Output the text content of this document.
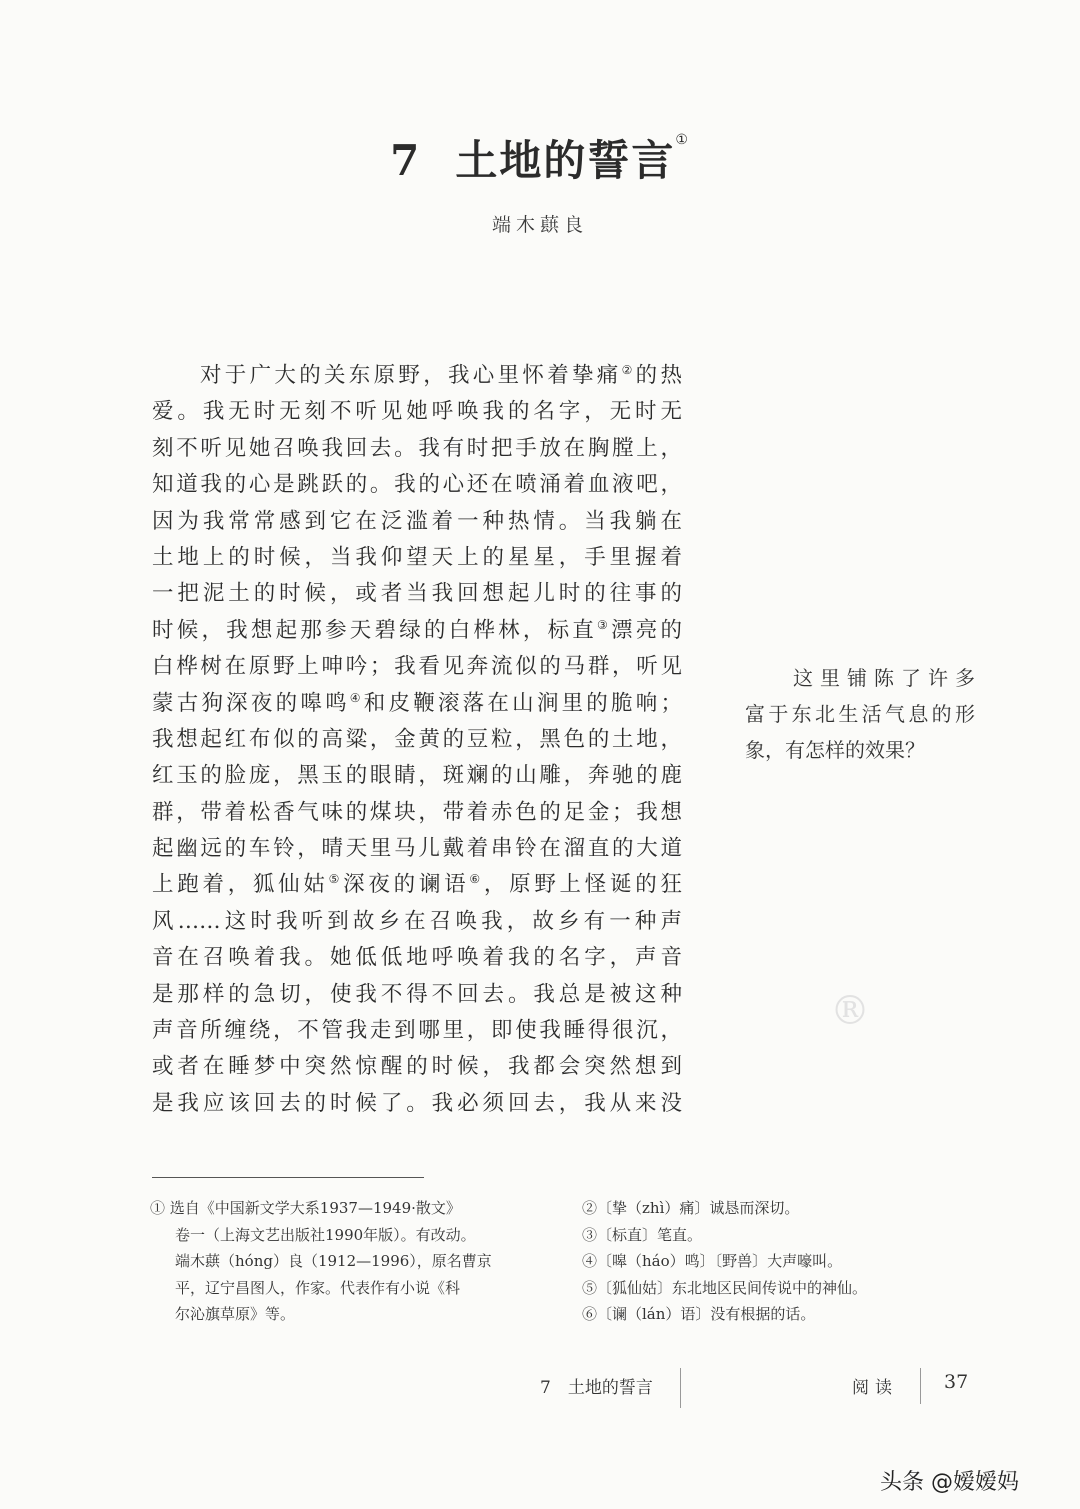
7 土地的誓言①
端木蕻良
对于广大的关东原野，我心里怀着挚痛②的热
爱。我无时无刻不听见她呼唤我的名字，无时无
刻不听见她召唤我回去。我有时把手放在胸膛上，
知道我的心是跳跃的。我的心还在喷涌着血液吧，
因为我常常感到它在泛滥着一种热情。当我躺在
土地上的时候，当我仰望天上的星星，手里握着
一把泥土的时候，或者当我回想起儿时的往事的
时候，我想起那参天碧绿的白桦林，标直③漂亮的
白桦树在原野上呻吟；我看见奔流似的马群，听见
蒙古狗深夜的嗥鸣④和皮鞭滚落在山涧里的脆响；
我想起红布似的高粱，金黄的豆粒，黑色的土地，
红玉的脸庞，黑玉的眼睛，斑斓的山雕，奔驰的鹿
群，带着松香气味的煤块，带着赤色的足金；我想
起幽远的车铃，晴天里马儿戴着串铃在溜直的大道
上跑着，狐仙姑⑤深夜的谰语⑥，原野上怪诞的狂
风……这时我听到故乡在召唤我，故乡有一种声
音在召唤着我。她低低地呼唤着我的名字，声音
是那样的急切，使我不得不回去。我总是被这种
声音所缠绕，不管我走到哪里，即使我睡得很沉，
或者在睡梦中突然惊醒的时候，我都会突然想到
是我应该回去的时候了。我必须回去，我从来没
这里铺陈了许多
富于东北生活气息的形
象，有怎样的效果？
®
① 选自《中国新文学大系1937—1949·散文》
卷一（上海文艺出版社1990年版）。有改动。
端木蕻（hóng）良（1912—1996），原名曹京
平，辽宁昌图人，作家。代表作有小说《科
尔沁旗草原》等。
②〔挚（zhì）痛〕诚恳而深切。
③〔标直〕笔直。
④〔嗥（háo）鸣〕〔野兽〕大声嚎叫。
⑤〔狐仙姑〕东北地区民间传说中的神仙。
⑥〔谰（lán）语〕没有根据的话。
7　土地的誓言	阅读 37
头条 @嫒嫒妈
